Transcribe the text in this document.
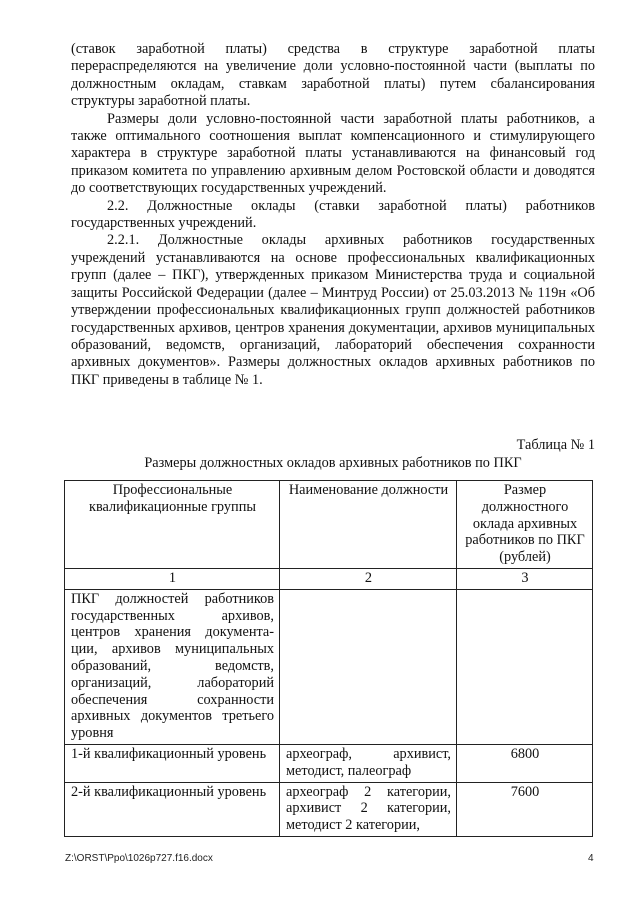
(ставок заработной платы) средства в структуре заработной платы перераспределяются на увеличение доли условно-постоянной части (выплаты по должностным окладам, ставкам заработной платы) путем сбалансирования структуры заработной платы.

Размеры доли условно-постоянной части заработной платы работников, а также оптимального соотношения выплат компенсационного и стимулирующего характера в структуре заработной платы устанавливаются на финансовый год приказом комитета по управлению архивным делом Ростовской области и доводятся до соответствующих государственных учреждений.

2.2. Должностные оклады (ставки заработной платы) работников государственных учреждений.

2.2.1. Должностные оклады архивных работников государственных учреждений устанавливаются на основе профессиональных квалификационных групп (далее – ПКГ), утвержденных приказом Министерства труда и социальной защиты Российской Федерации (далее – Минтруд России) от 25.03.2013 № 119н «Об утверждении профессиональных квалификационных групп должностей работников государственных архивов, центров хранения документации, архивов муниципальных образований, ведомств, организаций, лабораторий обеспечения сохранности архивных документов». Размеры должностных окладов архивных работников по ПКГ приведены в таблице № 1.

Таблица № 1
Размеры должностных окладов архивных работников по ПКГ
Профессиональные квалификационные группы	Наименование должности	Размер должностного оклада архивных работников по ПКГ (рублей)
1	2	3
ПКГ должностей работников государственных архивов, центров хранения документа-ции, архивов муниципальных образований, ведомств, организаций, лабораторий обеспечения сохранности архивных документов третьего уровня		
1-й квалификационный уровень	археограф, архивист, методист, палеограф	6800
2-й квалификационный уровень	археограф 2 категории, архивист 2 категории, методист 2 категории,	7600
Z:\ORST\Ppo\1026p727.f16.docx	4
